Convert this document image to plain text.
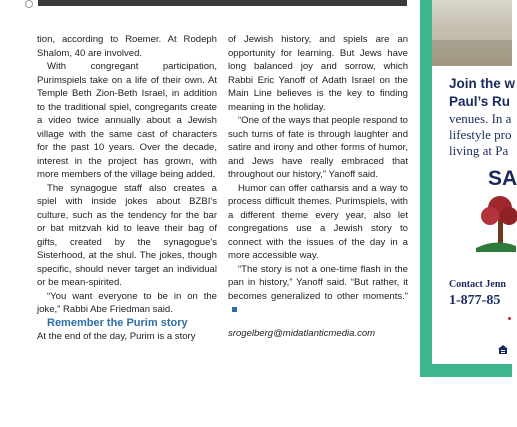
tion, according to Roemer. At Rodeph Shalom, 40 are involved.

With congregant participation, Purimspiels take on a life of their own. At Temple Beth Zion-Beth Israel, in addition to the traditional spiel, congregants create a video twice annually about a Jewish village with the same cast of characters for the past 10 years. Over the decade, interest in the project has grown, with more members of the village being added.

The synagogue staff also creates a spiel with inside jokes about BZBI's culture, such as the tendency for the bar or bat mitzvah kid to leave their bag of gifts, created by the synagogue's Sisterhood, at the shul. The jokes, though specific, should never target an individual or be mean-spirited.

“You want everyone to be in on the joke,” Rabbi Abe Friedman said.

Remember the Purim story

At the end of the day, Purim is a story

of Jewish history, and spiels are an opportunity for learning. But Jews have long balanced joy and sorrow, which Rabbi Eric Yanoff of Adath Israel on the Main Line believes is the key to finding meaning in the holiday.

“One of the ways that people respond to such turns of fate is through laughter and satire and irony and other forms of humor, and Jews have really embraced that throughout our history,” Yanoff said.

Humor can offer catharsis and a way to process difficult themes. Purimspiels, with a different theme every year, also let congregations use a Jewish story to connect with the issues of the day in a more accessible way.

“The story is not a one-time flash in the pan in history,” Yanoff said. “But rather, it becomes generalized to other moments.”

srogelberg@midatlanticmedia.com

Join the w
Paul’s Ru
venues. In a
lifestyle pro
living at Pa
SA
Contact Jenn
1-877-85
